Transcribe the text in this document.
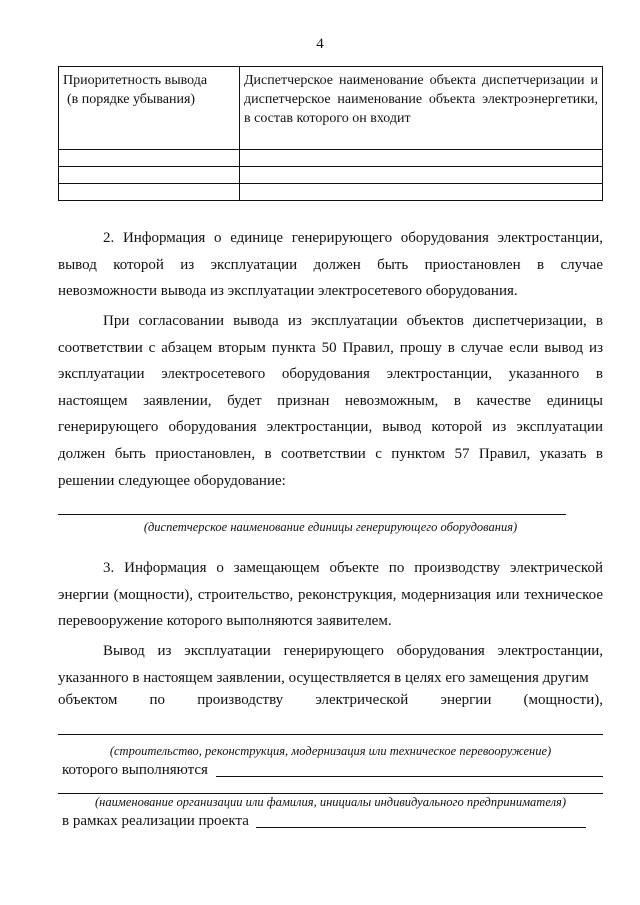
4
Приоритетность вывода
(в порядке убывания)	Диспетчерское наименование объекта диспетчеризации и диспетчерское наименование объекта электроэнергетики, в состав которого он входит

2. Информация о единице генерирующего оборудования электростанции, вывод которой из эксплуатации должен быть приостановлен в случае невозможности вывода из эксплуатации электросетевого оборудования.

При согласовании вывода из эксплуатации объектов диспетчеризации, в соответствии с абзацем вторым пункта 50 Правил, прошу в случае если вывод из эксплуатации электросетевого оборудования электростанции, указанного в настоящем заявлении, будет признан невозможным, в качестве единицы генерирующего оборудования электростанции, вывод которой из эксплуатации должен быть приостановлен, в соответствии с пунктом 57 Правил, указать в решении следующее оборудование:

(диспетчерское наименование единицы генерирующего оборудования)

3. Информация о замещающем объекте по производству электрической энергии (мощности), строительство, реконструкция, модернизация или техническое перевооружение которого выполняются заявителем.

Вывод из эксплуатации генерирующего оборудования электростанции, указанного в настоящем заявлении, осуществляется в целях его замещения другим

объектом по производству электрической энергии (мощности),
(строительство, реконструкция, модернизация или техническое перевооружение)
которого выполняются
(наименование организации или фамилия, инициалы индивидуального предпринимателя)
в рамках реализации проекта
